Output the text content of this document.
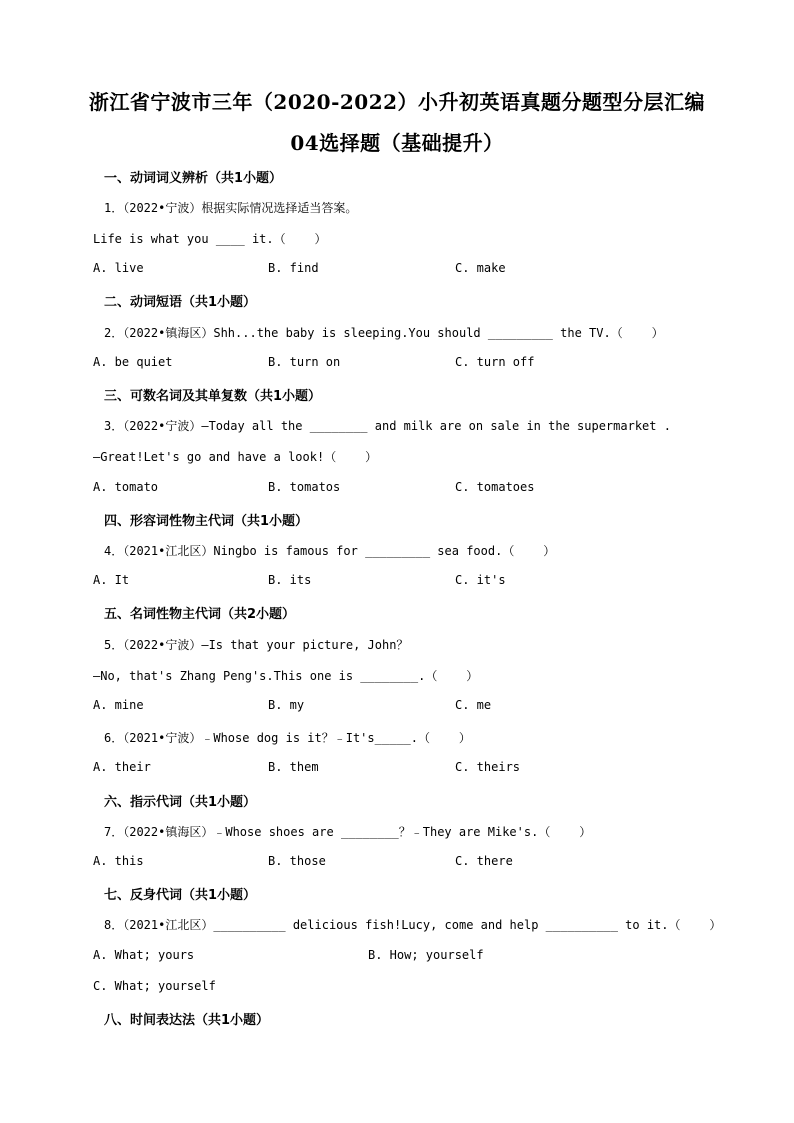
浙江省宁波市三年（2020-2022）小升初英语真题分题型分层汇编
04选择题（基础提升）
一、动词词义辨析（共1小题）
1．（2022•宁波）根据实际情况选择适当答案。
Life is what you ____ it.（    ）
A. live	B. find	C. make
二、动词短语（共1小题）
2．（2022•镇海区）Shh...the baby is sleeping.You should _________ the TV.（    ）
A. be quiet	B. turn on	C. turn off
三、可数名词及其单复数（共1小题）
3．（2022•宁波）—Today all the ________ and milk are on sale in the supermarket .
—Great!Let's go and have a look!（    ）
A. tomato	B. tomatos	C. tomatoes
四、形容词性物主代词（共1小题）
4．（2021•江北区）Ningbo is famous for _________ sea food.（    ）
A. It	B. its	C. it's
五、名词性物主代词（共2小题）
5．（2022•宁波）—Is that your picture, John？
—No, that's Zhang Peng's.This one is ________.（    ）
A. mine	B. my	C. me
6．（2021•宁波）﹣Whose dog is it？﹣It's_____.（    ）
A. their	B. them	C. theirs
六、指示代词（共1小题）
7．（2022•镇海区）﹣Whose shoes are ________？﹣They are Mike's.（    ）
A. this	B. those	C. there
七、反身代词（共1小题）
8．（2021•江北区）__________ delicious fish!Lucy, come and help __________ to it.（    ）
A. What; yours	B. How; yourself
C. What; yourself
八、时间表达法（共1小题）
